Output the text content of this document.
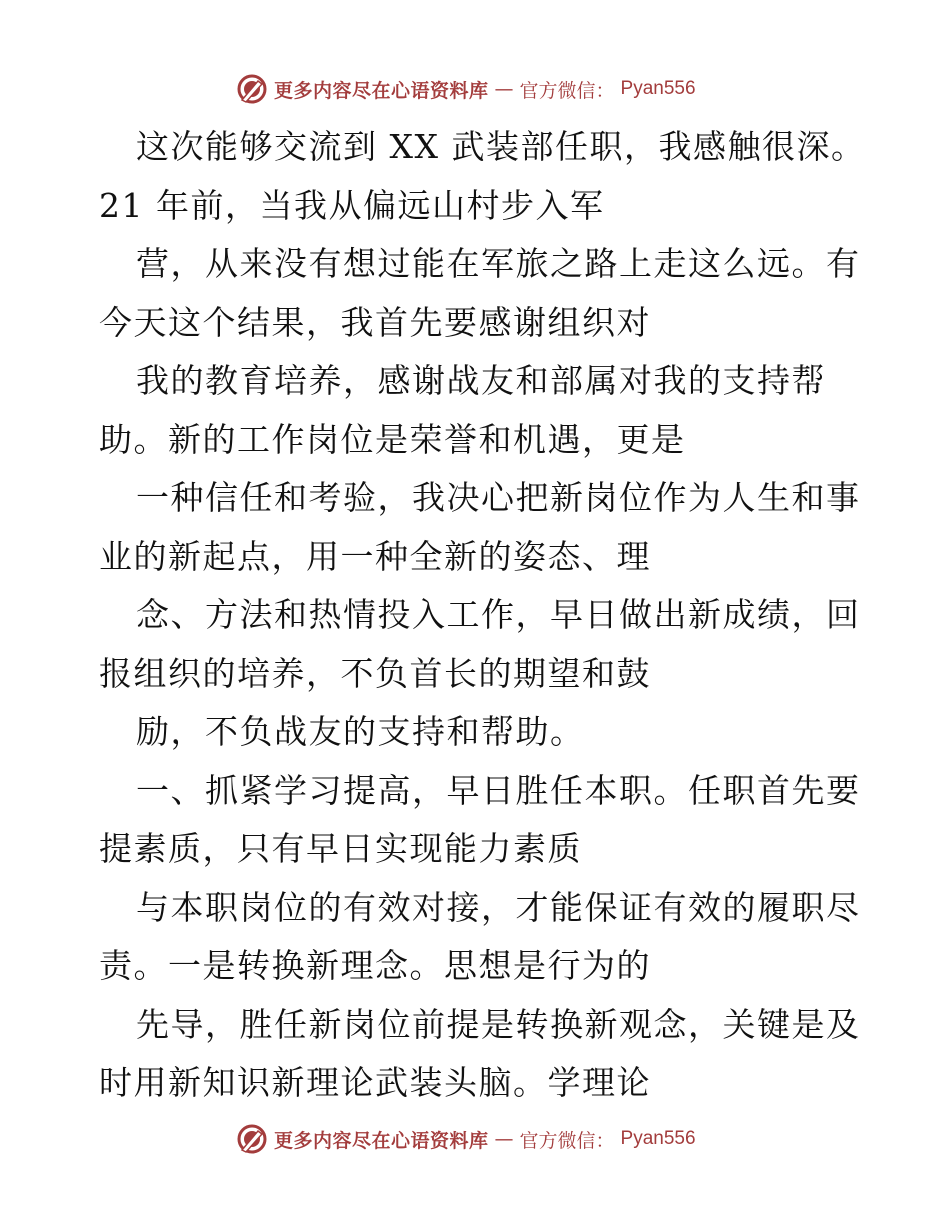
更多内容尽在心语资料库 — 官方微信： Pyan556
这次能够交流到 XX 武装部任职，我感触很深。
21 年前，当我从偏远山村步入军
营，从来没有想过能在军旅之路上走这么远。有
今天这个结果，我首先要感谢组织对
我的教育培养，感谢战友和部属对我的支持帮
助。新的工作岗位是荣誉和机遇，更是
一种信任和考验，我决心把新岗位作为人生和事
业的新起点，用一种全新的姿态、理
念、方法和热情投入工作，早日做出新成绩，回
报组织的培养，不负首长的期望和鼓
励，不负战友的支持和帮助。
一、抓紧学习提高，早日胜任本职。任职首先要
提素质，只有早日实现能力素质
与本职岗位的有效对接，才能保证有效的履职尽
责。一是转换新理念。思想是行为的
先导，胜任新岗位前提是转换新观念，关键是及
时用新知识新理论武装头脑。学理论
更多内容尽在心语资料库 — 官方微信： Pyan556
